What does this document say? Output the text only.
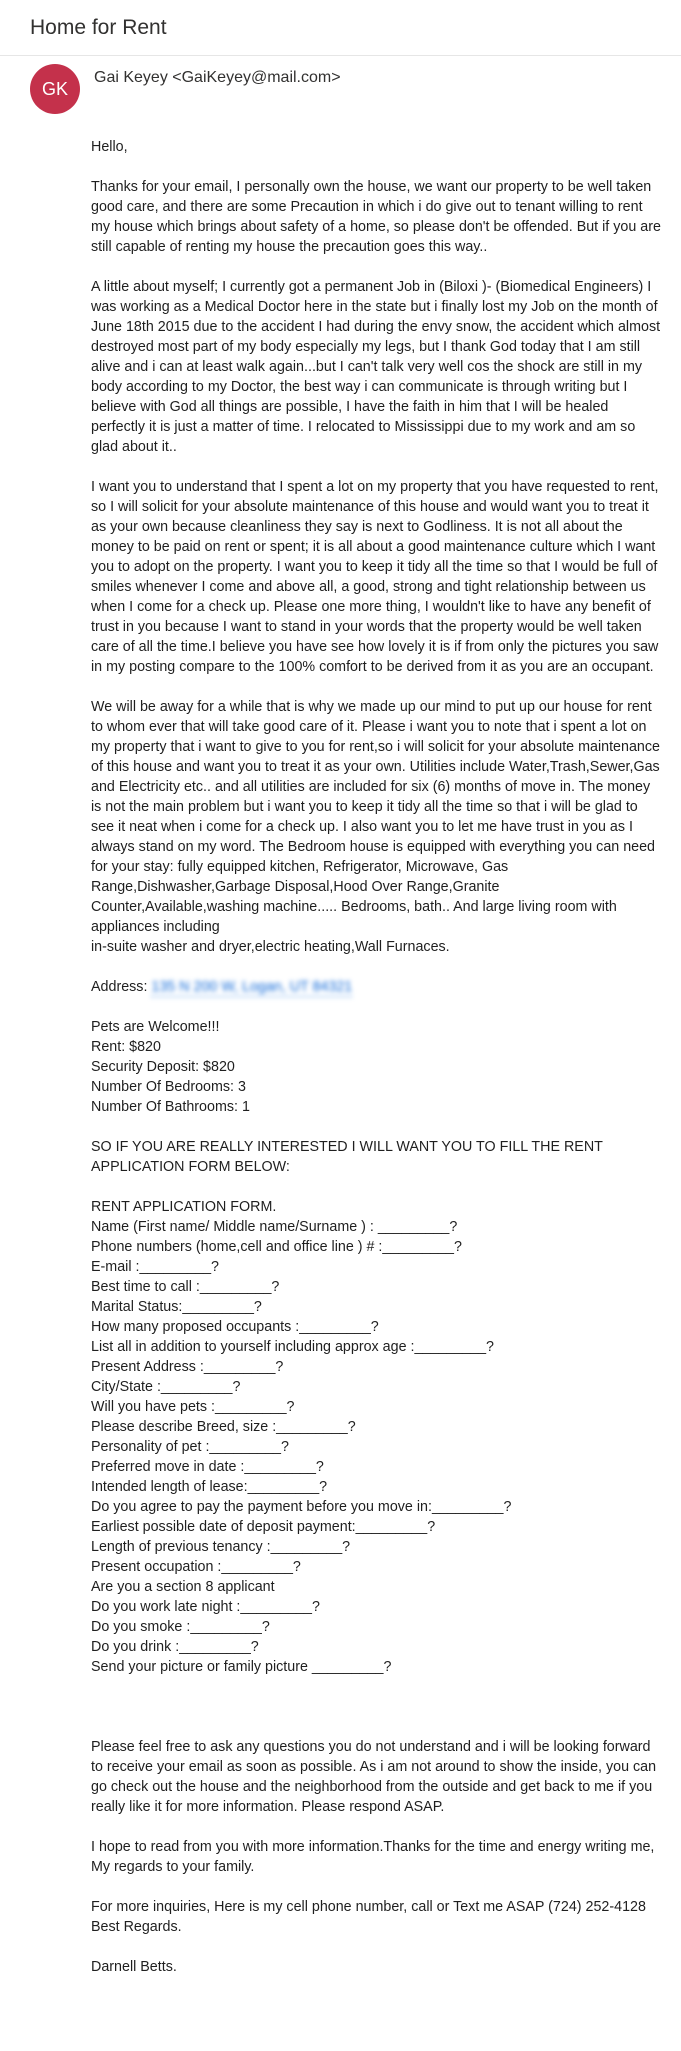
Home for Rent
GK
Gai Keyey <GaiKeyey@mail.com>

Hello,

Thanks for your email, I personally own the house, we want our property to be well taken good care, and there are some Precaution in which i do give out to tenant willing to rent my house which brings about safety of a home, so please don't be offended. But if you are still capable of renting my house the precaution goes this way..

A little about myself; I currently got a permanent Job in (Biloxi )- (Biomedical Engineers) I was working as a Medical Doctor here in the state but i finally lost my Job on the month of June 18th 2015 due to the accident I had during the envy snow, the accident which almost destroyed most part of my body especially my legs, but I thank God today that I am still alive and i can at least walk again...but I can't talk very well cos the shock are still in my body according to my Doctor, the best way i can communicate is through writing but I believe with God all things are possible, I have the faith in him that I will be healed perfectly it is just a matter of time. I relocated to Mississippi due to my work and am so glad about it..

I want you to understand that I spent a lot on my property that you have requested to rent, so I will solicit for your absolute maintenance of this house and would want you to treat it as your own because cleanliness they say is next to Godliness. It is not all about the money to be paid on rent or spent; it is all about a good maintenance culture which I want you to adopt on the property. I want you to keep it tidy all the time so that I would be full of smiles whenever I come and above all, a good, strong and tight relationship between us when I come for a check up. Please one more thing, I wouldn't like to have any benefit of trust in you because I want to stand in your words that the property would be well taken care of all the time.I believe you have see how lovely it is if from only the pictures you saw in my posting compare to the 100% comfort to be derived from it as you are an occupant.

We will be away for a while that is why we made up our mind to put up our house for rent to whom ever that will take good care of it. Please i want you to note that i spent a lot on my property that i want to give to you for rent,so i will solicit for your absolute maintenance of this house and want you to treat it as your own. Utilities include Water,Trash,Sewer,Gas and Electricity etc.. and all utilities are included for six (6) months of move in. The money is not the main problem but i want you to keep it tidy all the time so that i will be glad to see it neat when i come for a check up. I also want you to let me have trust in you as I always stand on my word. The Bedroom house is equipped with everything you can need for your stay: fully equipped kitchen, Refrigerator, Microwave, Gas Range,Dishwasher,Garbage Disposal,Hood Over Range,Granite Counter,Available,washing machine..... Bedrooms, bath.. And large living room with appliances including
in-suite washer and dryer,electric heating,Wall Furnaces.

Address: 135 N 200 W, Logan, UT 84321

Pets are Welcome!!!
Rent: $820
Security Deposit: $820
Number Of Bedrooms: 3
Number Of Bathrooms: 1

SO IF YOU ARE REALLY INTERESTED I WILL WANT YOU TO FILL THE RENT APPLICATION FORM BELOW:

RENT APPLICATION FORM.

Name (First name/ Middle name/Surname ) : _________?

Phone numbers (home,cell and office line ) # :_________?

E-mail :_________?

Best time to call :_________?

Marital Status:_________?

How many proposed occupants :_________?

List all in addition to yourself including approx age :_________?

Present Address :_________?

City/State :_________?

Will you have pets :_________?

Please describe Breed, size :_________?

Personality of pet :_________?

Preferred move in date :_________?

Intended length of lease:_________?

Do you agree to pay the payment before you move in:_________?

Earliest possible date of deposit payment:_________?

Length of previous tenancy :_________?

Present occupation :_________?

Are you a section 8 applicant

Do you work late night :_________?

Do you smoke :_________?

Do you drink :_________?

Send your picture or family picture _________?

Please feel free to ask any questions you do not understand and i will be looking forward to receive your email as soon as possible. As i am not around to show the inside, you can go check out the house and the neighborhood from the outside and get back to me if you really like it for more information. Please respond ASAP.

I hope to read from you with more information.Thanks for the time and energy writing me, My regards to your family.

For more inquiries, Here is my cell phone number, call or Text me ASAP (724) 252-4128
Best Regards.

Darnell Betts.
